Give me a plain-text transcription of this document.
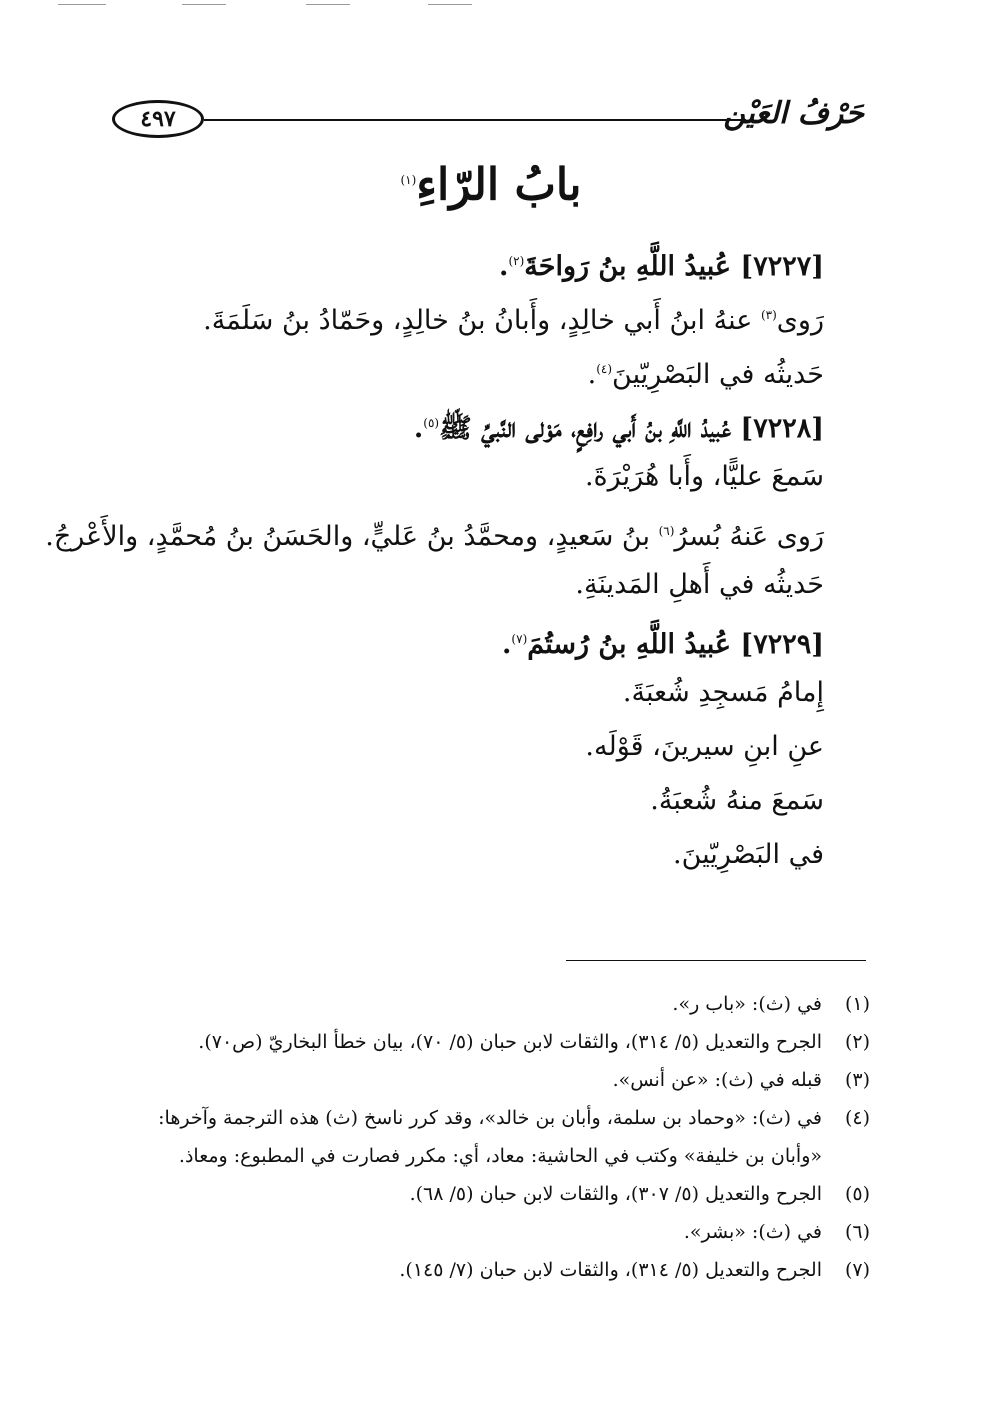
٤٩٧	حَرْفُ العَيْن
بابُ الرّاءِ$^{(١)}$
[٧٢٢٧] عُبيدُ اللَّهِ بنُ رَواحَةَ$^{(٢)}$.
رَوى$^{(٣)}$ عنهُ ابنُ أَبي خالِدٍ، وأَبانُ بنُ خالِدٍ، وحَمّادُ بنُ سَلَمَةَ.
حَديثُه في البَصْرِيّينَ$^{(٤)}$.
[٧٢٢٨] عُبيدُ اللَّهِ بنُ أَبي رافِعٍ، مَوْلى النَّبيِّ ﷺ$^{(٥)}$.
سَمعَ عليًّا، وأَبا هُرَيْرَةَ.
رَوى عَنهُ بُسرُ$^{(٦)}$ بنُ سَعيدٍ، ومحمَّدُ بنُ عَليٍّ، والحَسَنُ بنُ مُحمَّدٍ، والأَعْرجُ.
حَديثُه في أَهلِ المَدينَةِ.
[٧٢٢٩] عُبيدُ اللَّهِ بنُ رُستُمَ$^{(٧)}$.
إِمامُ مَسجِدِ شُعبَةَ.
عنِ ابنِ سيرينَ، قَوْلَه.
سَمعَ منهُ شُعبَةُ.
في البَصْرِيّينَ.
(١)
في (ث): «باب ر».
(٢)
الجرح والتعديل (٥/ ٣١٤)، والثقات لابن حبان (٥/ ٧٠)، بيان خطأ البخاريّ (ص٧٠).
(٣)
قبله في (ث): «عن أنس».
(٤)
في (ث): «وحماد بن سلمة، وأبان بن خالد»، وقد كرر ناسخ (ث) هذه الترجمة وآخرها: «وأبان بن خليفة» وكتب في الحاشية: معاد، أي: مكرر فصارت في المطبوع: ومعاذ.
(٥)
الجرح والتعديل (٥/ ٣٠٧)، والثقات لابن حبان (٥/ ٦٨).
(٦)
في (ث): «بشر».
(٧)
الجرح والتعديل (٥/ ٣١٤)، والثقات لابن حبان (٧/ ١٤٥).
